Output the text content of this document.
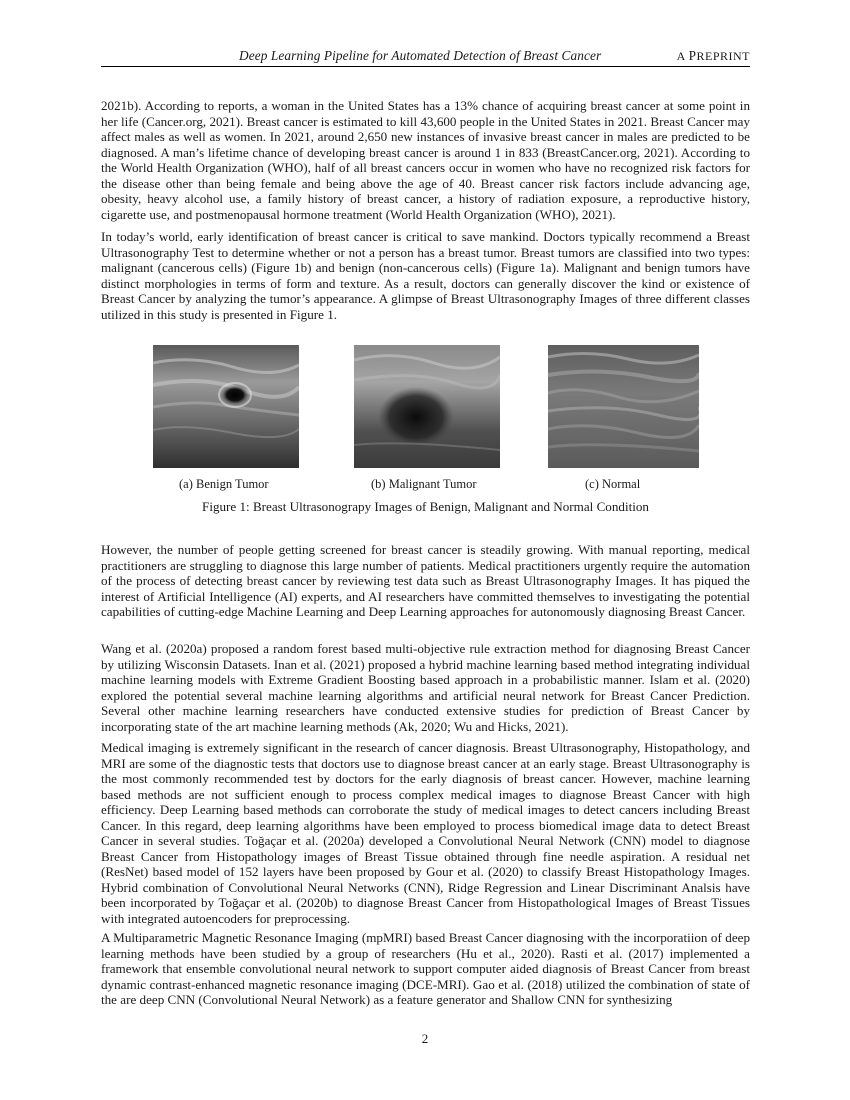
Deep Learning Pipeline for Automated Detection of Breast Cancer	A PREPRINT

2021b). According to reports, a woman in the United States has a 13% chance of acquiring breast cancer at some point in her life (Cancer.org, 2021). Breast cancer is estimated to kill 43,600 people in the United States in 2021. Breast Cancer may affect males as well as women. In 2021, around 2,650 new instances of invasive breast cancer in males are predicted to be diagnosed. A man’s lifetime chance of developing breast cancer is around 1 in 833 (BreastCancer.org, 2021). According to the World Health Organization (WHO), half of all breast cancers occur in women who have no recognized risk factors for the disease other than being female and being above the age of 40. Breast cancer risk factors include advancing age, obesity, heavy alcohol use, a family history of breast cancer, a history of radiation exposure, a reproductive history, cigarette use, and postmenopausal hormone treatment (World Health Organization (WHO), 2021).

In today’s world, early identification of breast cancer is critical to save mankind. Doctors typically recommend a Breast Ultrasonography Test to determine whether or not a person has a breast tumor. Breast tumors are classified into two types: malignant (cancerous cells) (Figure 1b) and benign (non-cancerous cells) (Figure 1a). Malignant and benign tumors have distinct morphologies in terms of form and texture. As a result, doctors can generally discover the kind or existence of Breast Cancer by analyzing the tumor’s appearance. A glimpse of Breast Ultrasonography Images of three different classes utilized in this study is presented in Figure 1.

(a) Benign Tumor	(b) Malignant Tumor	(c) Normal
Figure 1: Breast Ultrasonograpy Images of Benign, Malignant and Normal Condition

However, the number of people getting screened for breast cancer is steadily growing. With manual reporting, medical practitioners are struggling to diagnose this large number of patients. Medical practitioners urgently require the automation of the process of detecting breast cancer by reviewing test data such as Breast Ultrasonography Images. It has piqued the interest of Artificial Intelligence (AI) experts, and AI researchers have committed themselves to investigating the potential capabilities of cutting-edge Machine Learning and Deep Learning approaches for autonomously diagnosing Breast Cancer.

Wang et al. (2020a) proposed a random forest based multi-objective rule extraction method for diagnosing Breast Cancer by utilizing Wisconsin Datasets. Inan et al. (2021) proposed a hybrid machine learning based method integrating individual machine learning models with Extreme Gradient Boosting based approach in a probabilistic manner. Islam et al. (2020) explored the potential several machine learning algorithms and artificial neural network for Breast Cancer Prediction. Several other machine learning researchers have conducted extensive studies for prediction of Breast Cancer by incorporating state of the art machine learning methods (Ak, 2020; Wu and Hicks, 2021).

Medical imaging is extremely significant in the research of cancer diagnosis. Breast Ultrasonography, Histopathology, and MRI are some of the diagnostic tests that doctors use to diagnose breast cancer at an early stage. Breast Ultrasonography is the most commonly recommended test by doctors for the early diagnosis of breast cancer. However, machine learning based methods are not sufficient enough to process complex medical images to diagnose Breast Cancer with high efficiency. Deep Learning based methods can corroborate the study of medical images to detect cancers including Breast Cancer. In this regard, deep learning algorithms have been employed to process biomedical image data to detect Breast Cancer in several studies. Toğaçar et al. (2020a) developed a Convolutional Neural Network (CNN) model to diagnose Breast Cancer from Histopathology images of Breast Tissue obtained through fine needle aspiration. A residual net (ResNet) based model of 152 layers have been proposed by Gour et al. (2020) to classify Breast Histopathology Images. Hybrid combination of Convolutional Neural Networks (CNN), Ridge Regression and Linear Discriminant Analsis have been incorporated by Toğaçar et al. (2020b) to diagnose Breast Cancer from Histopathological Images of Breast Tissues with integrated autoencoders for preprocessing.

A Multiparametric Magnetic Resonance Imaging (mpMRI) based Breast Cancer diagnosing with the incorporatiion of deep learning methods have been studied by a group of researchers (Hu et al., 2020). Rasti et al. (2017) implemented a framework that ensemble convolutional neural network to support computer aided diagnosis of Breast Cancer from breast dynamic contrast-enhanced magnetic resonance imaging (DCE-MRI). Gao et al. (2018) utilized the combination of state of the are deep CNN (Convolutional Neural Network) as a feature generator and Shallow CNN for synthesizing

2
